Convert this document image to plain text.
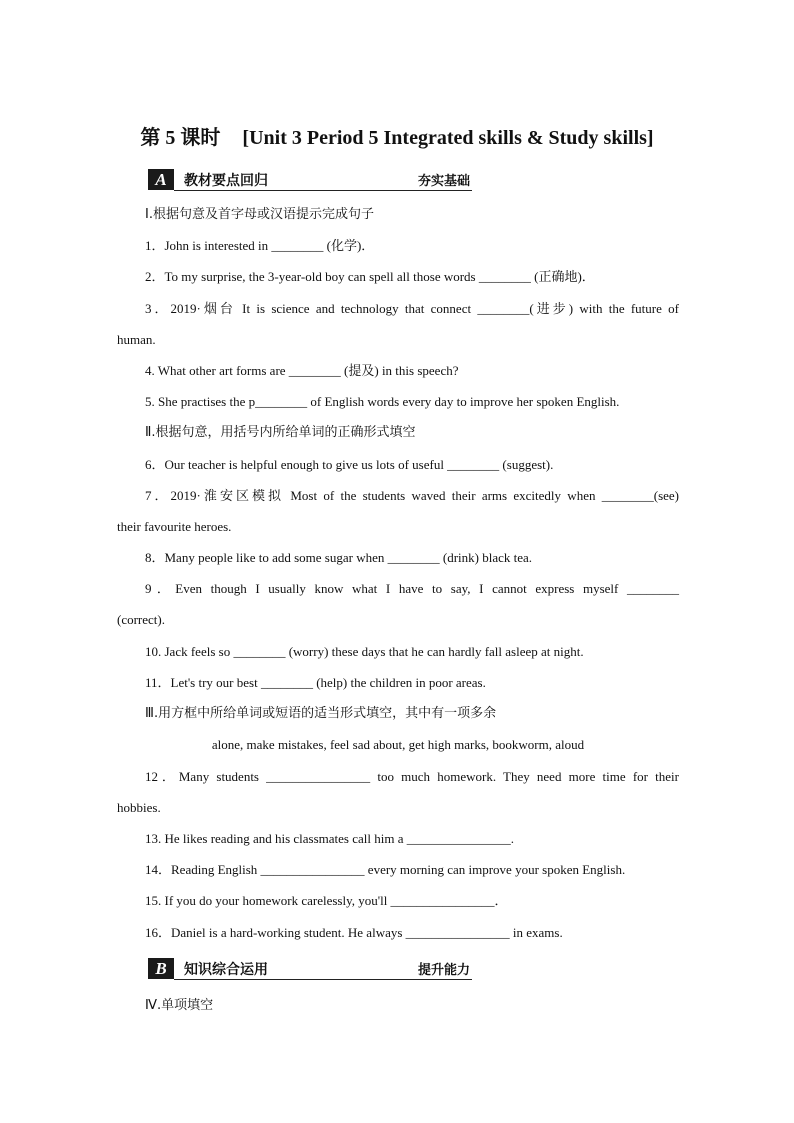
第 5 课时 [Unit 3 Period 5 Integrated skills & Study skills]
A	教材要点回归	夯实基础
Ⅰ.根据句意及首字母或汉语提示完成句子
1．John is interested in ________ (化学)．
2．To my surprise, the 3-year-old boy can spell all those words ________ (正确地)．
3．2019·烟台 It is science and technology that connect ________(进步) with the future of
human.
4. What other art forms are ________ (提及) in this speech?
5. She practises the p________ of English words every day to improve her spoken English.
Ⅱ.根据句意，用括号内所给单词的正确形式填空
6．Our teacher is helpful enough to give us lots of useful ________ (suggest).
7．2019·淮安区模拟 Most of the students waved their arms excitedly when ________(see)
their favourite heroes.
8．Many people like to add some sugar when ________ (drink) black tea.
9．Even though I usually know what I have to say, I cannot express myself ________
(correct).
10. Jack feels so ________ (worry) these days that he can hardly fall asleep at night.
11．Let's try our best ________ (help) the children in poor areas.
Ⅲ.用方框中所给单词或短语的适当形式填空，其中有一项多余
alone, make mistakes, feel sad about, get high marks, bookworm, aloud
12．Many students ________________ too much homework. They need more time for their
hobbies.
13. He likes reading and his classmates call him a ________________.
14．Reading English ________________ every morning can improve your spoken English.
15. If you do your homework carelessly, you'll ________________．
16．Daniel is a hard-working student. He always ________________ in exams.
B	知识综合运用	提升能力
Ⅳ.单项填空
